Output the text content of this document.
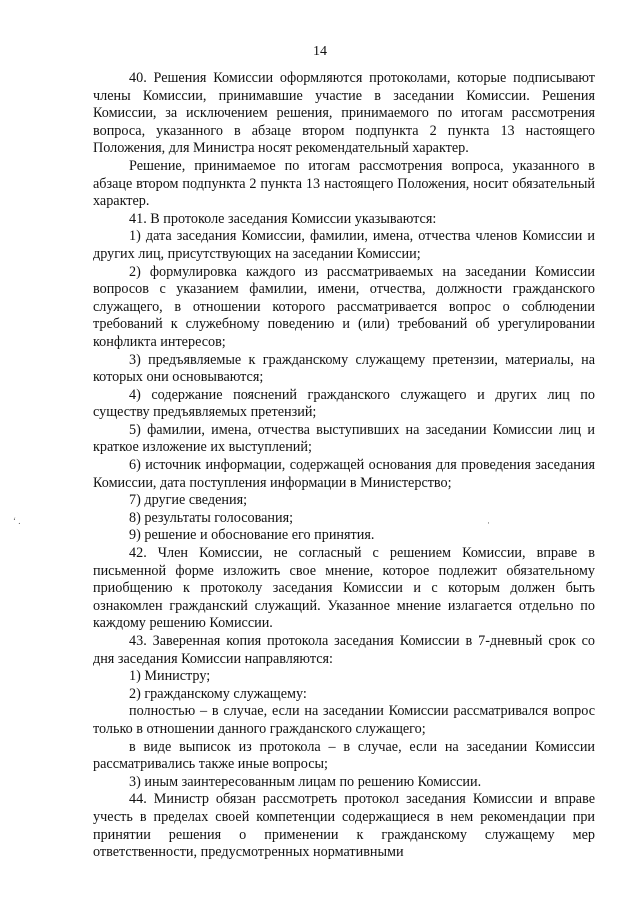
14

40. Решения Комиссии оформляются протоколами, которые подписывают члены Комиссии, принимавшие участие в заседании Комиссии. Решения Комиссии, за исключением решения, принимаемого по итогам рассмотрения вопроса, указанного в абзаце втором подпункта 2 пункта 13 настоящего Положения, для Министра носят рекомендательный характер.

Решение, принимаемое по итогам рассмотрения вопроса, указанного в абзаце втором подпункта 2 пункта 13 настоящего Положения, носит обязательный характер.

41. В протоколе заседания Комиссии указываются:

1) дата заседания Комиссии, фамилии, имена, отчества членов Комиссии и других лиц, присутствующих на заседании Комиссии;

2) формулировка каждого из рассматриваемых на заседании Комиссии вопросов с указанием фамилии, имени, отчества, должности гражданского служащего, в отношении которого рассматривается вопрос о соблюдении требований к служебному поведению и (или) требований об урегулировании конфликта интересов;

3) предъявляемые к гражданскому служащему претензии, материалы, на которых они основываются;

4) содержание пояснений гражданского служащего и других лиц по существу предъявляемых претензий;

5) фамилии, имена, отчества выступивших на заседании Комиссии лиц и краткое изложение их выступлений;

6) источник информации, содержащей основания для проведения заседания Комиссии, дата поступления информации в Министерство;

7) другие сведения;

8) результаты голосования;

9) решение и обоснование его принятия.

42. Член Комиссии, не согласный с решением Комиссии, вправе в письменной форме изложить свое мнение, которое подлежит обязательному приобщению к протоколу заседания Комиссии и с которым должен быть ознакомлен гражданский служащий. Указанное мнение излагается отдельно по каждому решению Комиссии.

43. Заверенная копия протокола заседания Комиссии в 7-дневный срок со дня заседания Комиссии направляются:

1) Министру;

2) гражданскому служащему:

полностью – в случае, если на заседании Комиссии рассматривался вопрос только в отношении данного гражданского служащего;

в виде выписок из протокола – в случае, если на заседании Комиссии рассматривались также иные вопросы;

3) иным заинтересованным лицам по решению Комиссии.

44. Министр обязан рассмотреть протокол заседания Комиссии и вправе учесть в пределах своей компетенции содержащиеся в нем рекомендации при принятии решения о применении к гражданскому служащему мер ответственности, предусмотренных нормативными

‘ .	·
